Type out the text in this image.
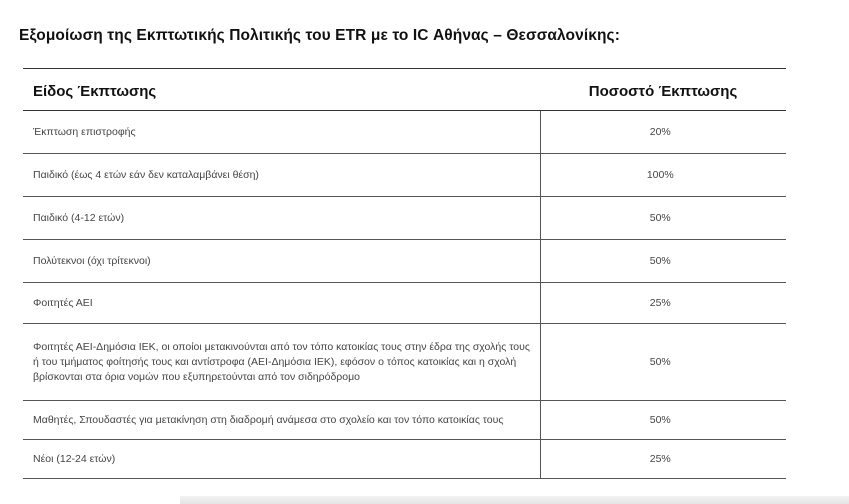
Εξομοίωση της Εκπτωτικής Πολιτικής του ETR με το IC Αθήνας – Θεσσαλονίκης:
Είδος Έκπτωσης	Ποσοστό Έκπτωσης
Έκπτωση επιστροφής	20%
Παιδικό (έως 4 ετών εάν δεν καταλαμβάνει θέση)	100%
Παιδικό (4-12 ετών)	50%
Πολύτεκνοι (όχι τρίτεκνοι)	50%
Φοιτητές ΑΕΙ	25%
Φοιτητές ΑΕΙ-Δημόσια ΙΕΚ, οι οποίοι μετακινούνται από τον τόπο κατοικίας τους στην έδρα της σχολής τους ή του τμήματος φοίτησής τους και αντίστροφα (ΑΕΙ-Δημόσια ΙΕΚ), εφόσον ο τόπος κατοικίας και η σχολή βρίσκονται στα όρια νομών που εξυπηρετούνται από τον σιδηρόδρομο	50%
Μαθητές, Σπουδαστές για μετακίνηση στη διαδρομή ανάμεσα στο σχολείο και τον τόπο κατοικίας τους	50%
Νέοι (12-24 ετών)	25%
